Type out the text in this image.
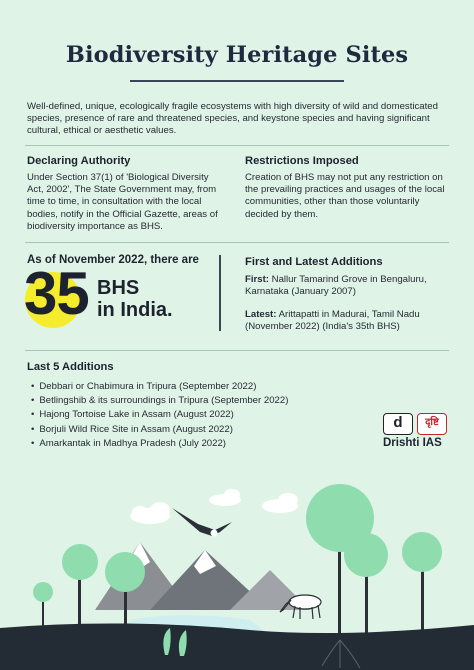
Biodiversity Heritage Sites
Well-defined, unique, ecologically fragile ecosystems with high diversity of wild and domesticated species, presence of rare and threatened species, and keystone species and having significant cultural, ethical or aesthetic values.
Declaring Authority
Under Section 37(1) of 'Biological Diversity Act, 2002', The State Government may, from time to time, in consultation with the local bodies, notify in the Official Gazette, areas of biodiversity importance as BHS.
Restrictions Imposed
Creation of BHS may not put any restriction on the prevailing practices and usages of the local communities, other than those voluntarily decided by them.
As of November 2022, there are
35 BHS
in India.
First and Latest Additions
First: Nallur Tamarind Grove in Bengaluru, Karnataka (January 2007)
Latest: Arittapatti in Madurai, Tamil Nadu (November 2022) (India's 35th BHS)
Last 5 Additions
• Debbari or Chabimura in Tripura (September 2022)
• Betlingshib & its surroundings in Tripura (September 2022)
• Hajong Tortoise Lake in Assam (August 2022)
• Borjuli Wild Rice Site in Assam (August 2022)
• Amarkantak in Madhya Pradesh (July 2022)
d	दृष्टि
Drishti IAS
